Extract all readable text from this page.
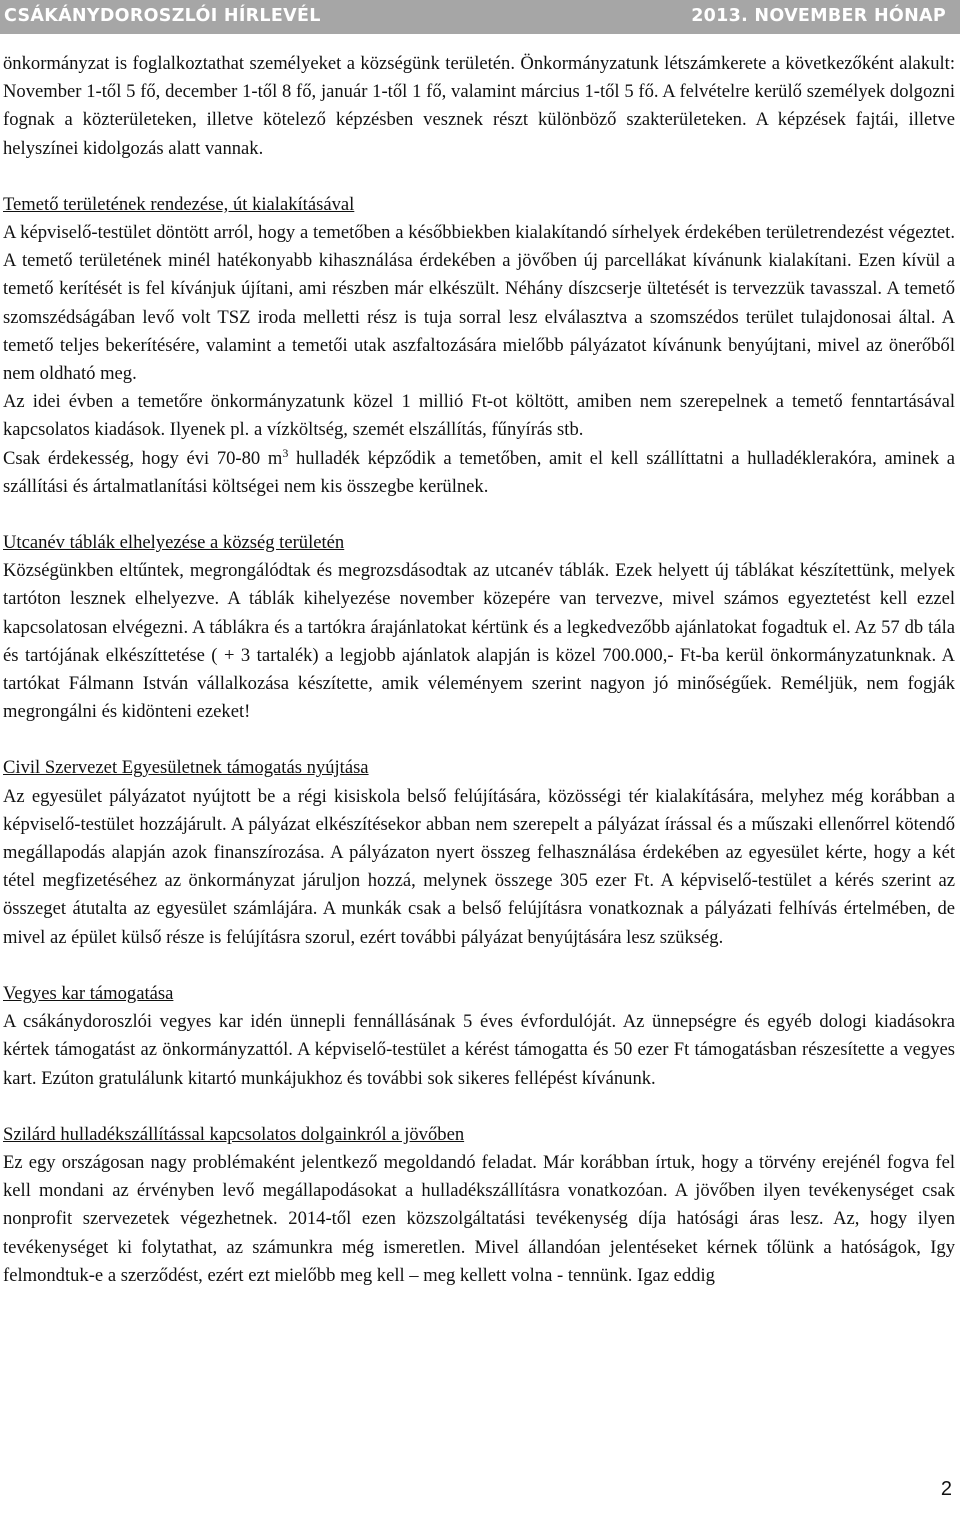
CSÁKÁNYDOROSZLÓI HÍRLEVÉL	2013. NOVEMBER HÓNAP

önkormányzat is foglalkoztathat személyeket a községünk területén. Önkormányzatunk létszámkerete a következőként alakult: November 1-től 5 fő, december 1-től 8 fő, január 1-től 1 fő, valamint március 1-től 5 fő. A felvételre kerülő személyek dolgozni fognak a közterületeken, illetve kötelező képzésben vesznek részt különböző szakterületeken. A képzések fajtái, illetve helyszínei kidolgozás alatt vannak.

Temető területének rendezése, út kialakításával

A képviselő-testület döntött arról, hogy a temetőben a későbbiekben kialakítandó sírhelyek érdekében területrendezést végeztet. A temető területének minél hatékonyabb kihasználása érdekében a jövőben új parcellákat kívánunk kialakítani. Ezen kívül a temető kerítését is fel kívánjuk újítani, ami részben már elkészült. Néhány díszcserje ültetését is tervezzük tavasszal. A temető szomszédságában levő volt TSZ iroda melletti rész is tuja sorral lesz elválasztva a szomszédos terület tulajdonosai által. A temető teljes bekerítésére, valamint a temetői utak aszfaltozására mielőbb pályázatot kívánunk benyújtani, mivel az önerőből nem oldható meg.

Az idei évben a temetőre önkormányzatunk közel 1 millió Ft-ot költött, amiben nem szerepelnek a temető fenntartásával kapcsolatos kiadások. Ilyenek pl. a vízköltség, szemét elszállítás, fűnyírás stb.

Csak érdekesség, hogy évi 70-80 $m^3$ hulladék képződik a temetőben, amit el kell szállíttatni a hulladéklerakóra, aminek a szállítási és ártalmatlanítási költségei nem kis összegbe kerülnek.

Utcanév táblák elhelyezése a község területén

Községünkben eltűntek, megrongálódtak és megrozsdásodtak az utcanév táblák. Ezek helyett új táblákat készítettünk, melyek tartóton lesznek elhelyezve. A táblák kihelyezése november közepére van tervezve, mivel számos egyeztetést kell ezzel kapcsolatosan elvégezni. A táblákra és a tartókra árajánlatokat kértünk és a legkedvezőbb ajánlatokat fogadtuk el. Az 57 db tála és tartójának elkészíttetése ( + 3 tartalék) a legjobb ajánlatok alapján is közel 700.000,- Ft-ba kerül önkormányzatunknak. A tartókat Fálmann István vállalkozása készítette, amik véleményem szerint nagyon jó minőségűek. Reméljük, nem fogják megrongálni és kidönteni ezeket!

Civil Szervezet Egyesületnek támogatás nyújtása

Az egyesület pályázatot nyújtott be a régi kisiskola belső felújítására, közösségi tér kialakítására, melyhez még korábban a képviselő-testület hozzájárult. A pályázat elkészítésekor abban nem szerepelt a pályázat írással és a műszaki ellenőrrel kötendő megállapodás alapján azok finanszírozása. A pályázaton nyert összeg felhasználása érdekében az egyesület kérte, hogy a két tétel megfizetéséhez az önkormányzat járuljon hozzá, melynek összege 305 ezer Ft. A képviselő-testület a kérés szerint az összeget átutalta az egyesület számlájára. A munkák csak a belső felújításra vonatkoznak a pályázati felhívás értelmében, de mivel az épület külső része is felújításra szorul, ezért további pályázat benyújtására lesz szükség.

Vegyes kar támogatása

A csákánydoroszlói vegyes kar idén ünnepli fennállásának 5 éves évfordulóját. Az ünnepségre és egyéb dologi kiadásokra kértek támogatást az önkormányzattól. A képviselő-testület a kérést támogatta és 50 ezer Ft támogatásban részesítette a vegyes kart. Ezúton gratulálunk kitartó munkájukhoz és további sok sikeres fellépést kívánunk.

Szilárd hulladékszállítással kapcsolatos dolgainkról a jövőben

Ez egy országosan nagy problémaként jelentkező megoldandó feladat. Már korábban írtuk, hogy a törvény erejénél fogva fel kell mondani az érvényben levő megállapodásokat a hulladékszállításra vonatkozóan. A jövőben ilyen tevékenységet csak nonprofit szervezetek végezhetnek. 2014-től ezen közszolgáltatási tevékenység díja hatósági áras lesz. Az, hogy ilyen tevékenységet ki folytathat, az számunkra még ismeretlen. Mivel állandóan jelentéseket kérnek tőlünk a hatóságok, Igy felmondtuk-e a szerződést, ezért ezt mielőbb meg kell – meg kellett volna - tennünk. Igaz eddig

2
